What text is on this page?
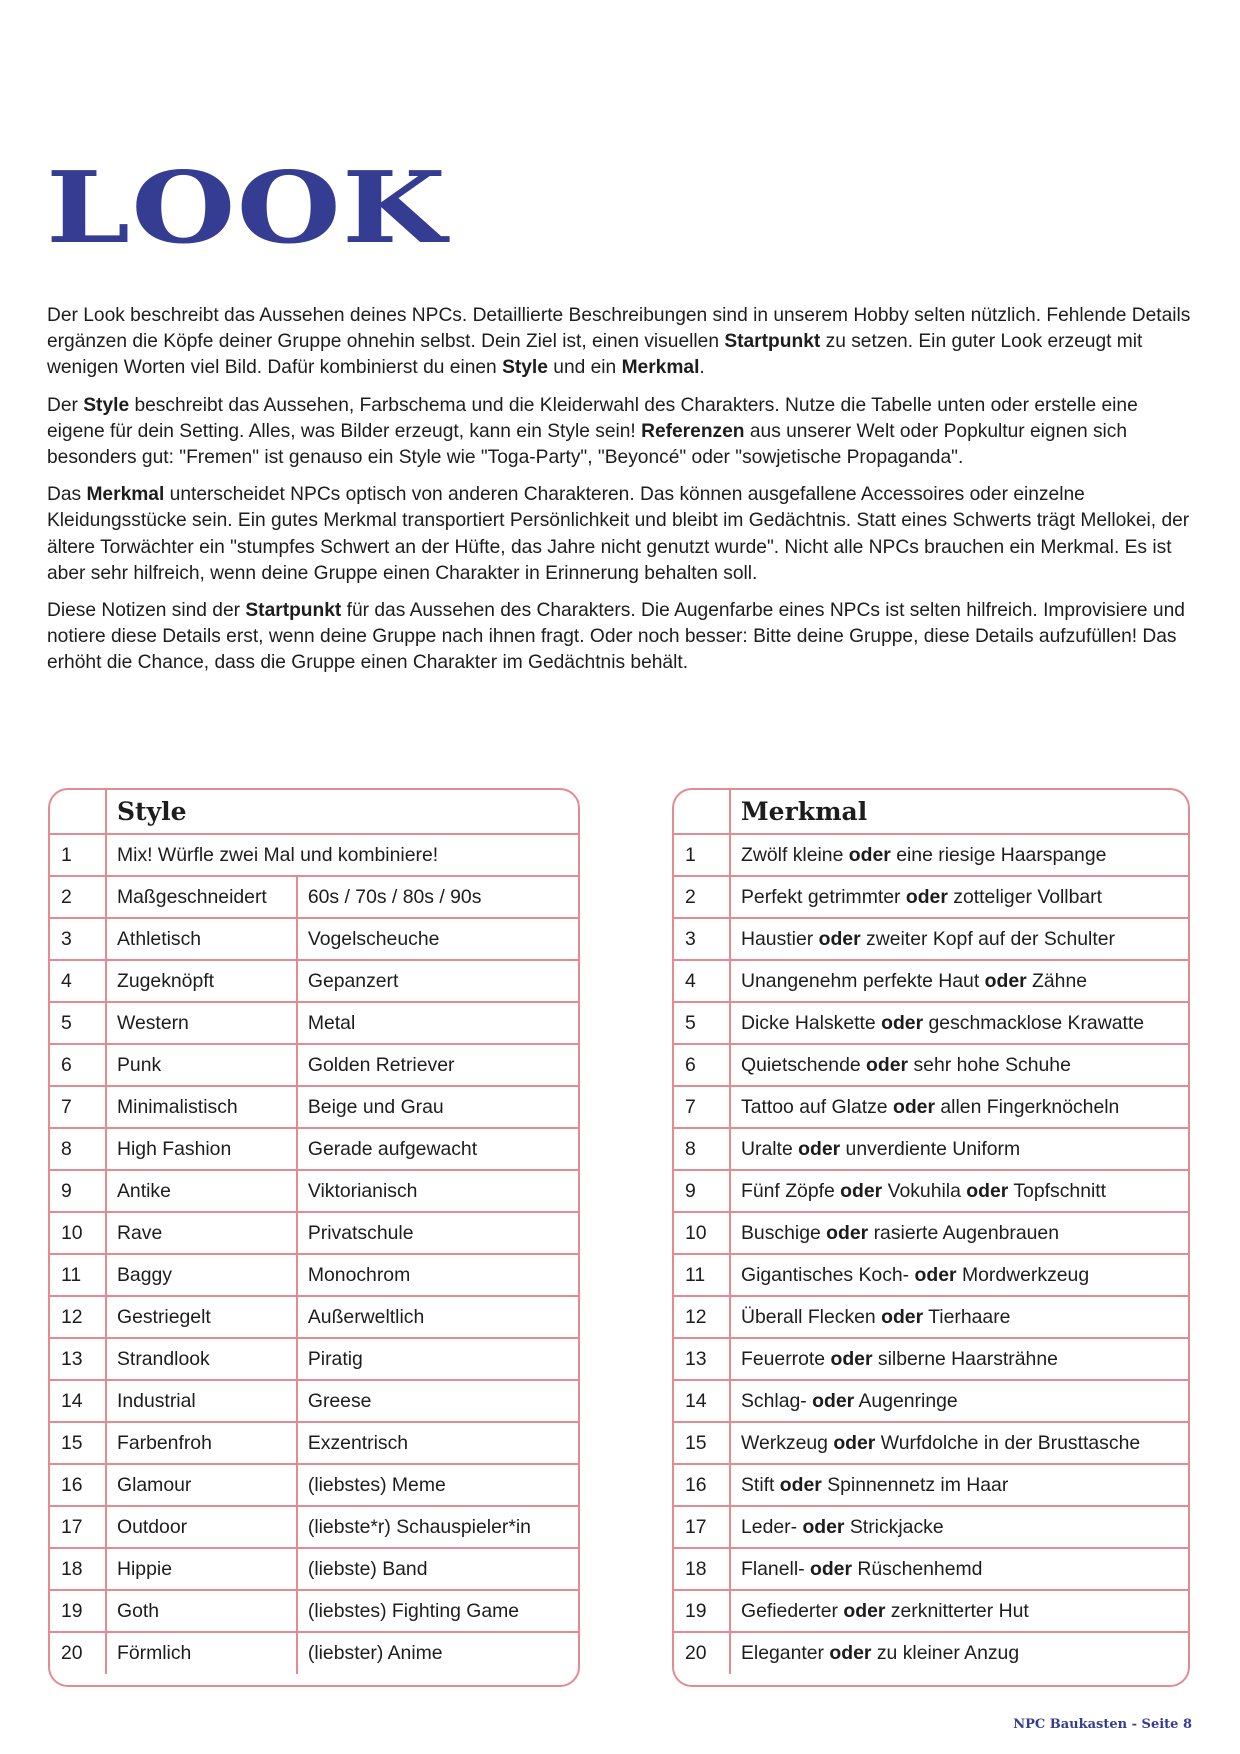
LOOK

Der Look beschreibt das Aussehen deines NPCs. Detaillierte Beschreibungen sind in unserem Hobby selten nützlich. Fehlende Details ergänzen die Köpfe deiner Gruppe ohnehin selbst. Dein Ziel ist, einen visuellen Startpunkt zu setzen. Ein guter Look erzeugt mit wenigen Worten viel Bild. Dafür kombinierst du einen Style und ein Merkmal.

Der Style beschreibt das Aussehen, Farbschema und die Kleiderwahl des Charakters. Nutze die Tabelle unten oder erstelle eine eigene für dein Setting. Alles, was Bilder erzeugt, kann ein Style sein! Referenzen aus unserer Welt oder Popkultur eignen sich besonders gut: "Fremen" ist genauso ein Style wie "Toga-Party", "Beyoncé" oder "sowjetische Propaganda".

Das Merkmal unterscheidet NPCs optisch von anderen Charakteren. Das können ausgefallene Accessoires oder einzelne Kleidungsstücke sein. Ein gutes Merkmal transportiert Persönlichkeit und bleibt im Gedächtnis. Statt eines Schwerts trägt Mellokei, der ältere Torwächter ein "stumpfes Schwert an der Hüfte, das Jahre nicht genutzt wurde". Nicht alle NPCs brauchen ein Merkmal. Es ist aber sehr hilfreich, wenn deine Gruppe einen Charakter in Erinnerung behalten soll.

Diese Notizen sind der Startpunkt für das Aussehen des Charakters. Die Augenfarbe eines NPCs ist selten hilfreich. Improvisiere und notiere diese Details erst, wenn deine Gruppe nach ihnen fragt. Oder noch besser: Bitte deine Gruppe, diese Details aufzufüllen! Das erhöht die Chance, dass die Gruppe einen Charakter im Gedächtnis behält.

	Style		
1	Mix! Würfle zwei Mal und kombiniere!		
2	Maßgeschneidert	60s / 70s / 80s / 90s	
3	Athletisch	Vogelscheuche	
4	Zugeknöpft	Gepanzert	
5	Western	Metal	
6	Punk	Golden Retriever	
7	Minimalistisch	Beige und Grau	
8	High Fashion	Gerade aufgewacht	
9	Antike	Viktorianisch	
10	Rave	Privatschule	
11	Baggy	Monochrom	
12	Gestriegelt	Außerweltlich	
13	Strandlook	Piratig	
14	Industrial	Greese	
15	Farbenfroh	Exzentrisch	
16	Glamour	(liebstes) Meme	
17	Outdoor	(liebste*r) Schauspieler*in	
18	Hippie	(liebste) Band	
19	Goth	(liebstes) Fighting Game	
20	Förmlich	(liebster) Anime	
	Merkmal	
1	Zwölf kleine oder eine riesige Haarspange	
2	Perfekt getrimmter oder zotteliger Vollbart	
3	Haustier oder zweiter Kopf auf der Schulter	
4	Unangenehm perfekte Haut oder Zähne	
5	Dicke Halskette oder geschmacklose Krawatte	
6	Quietschende oder sehr hohe Schuhe	
7	Tattoo auf Glatze oder allen Fingerknöcheln	
8	Uralte oder unverdiente Uniform	
9	Fünf Zöpfe oder Vokuhila oder Topfschnitt	
10	Buschige oder rasierte Augenbrauen	
11	Gigantisches Koch- oder Mordwerkzeug	
12	Überall Flecken oder Tierhaare	
13	Feuerrote oder silberne Haarsträhne	
14	Schlag- oder Augenringe	
15	Werkzeug oder Wurfdolche in der Brusttasche	
16	Stift oder Spinnennetz im Haar	
17	Leder- oder Strickjacke	
18	Flanell- oder Rüschenhemd	
19	Gefiederter oder zerknitterter Hut	
20	Eleganter oder zu kleiner Anzug	
NPC Baukasten - Seite 8
